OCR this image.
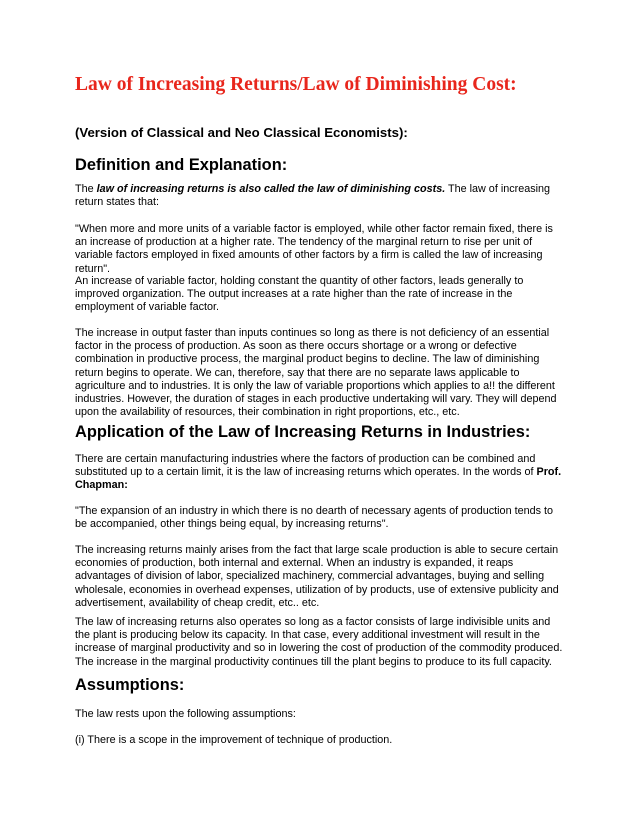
Law of Increasing Returns/Law of Diminishing Cost:
(Version of Classical and Neo Classical Economists):
Definition and Explanation:

The law of increasing returns is also called the law of diminishing costs. The law of increasing return states that:

"When more and more units of a variable factor is employed, while other factor remain fixed, there is an increase of production at a higher rate. The tendency of the marginal return to rise per unit of variable factors employed in fixed amounts of other factors by a firm is called the law of increasing return".

An increase of variable factor, holding constant the quantity of other factors, leads generally to improved organization. The output increases at a rate higher than the rate of increase in the employment of variable factor.

The increase in output faster than inputs continues so long as there is not deficiency of an essential factor in the process of production. As soon as there occurs shortage or a wrong or defective combination in productive process, the marginal product begins to decline. The law of diminishing return begins to operate. We can, therefore, say that there are no separate laws applicable to agriculture and to industries. It is only the law of variable proportions which applies to a!! the different industries. However, the duration of stages in each productive undertaking will vary. They will depend upon the availability of resources, their combination in right proportions, etc., etc.

Application of the Law of Increasing Returns in Industries:

There are certain manufacturing industries where the factors of production can be combined and substituted up to a certain limit, it is the law of increasing returns which operates. In the words of Prof. Chapman:

"The expansion of an industry in which there is no dearth of necessary agents of production tends to be accompanied, other things being equal, by increasing returns".

The increasing returns mainly arises from the fact that large scale production is able to secure certain economies of production, both internal and external. When an industry is expanded, it reaps advantages of division of labor, specialized machinery, commercial advantages, buying and selling wholesale, economies in overhead expenses, utilization of by products, use of extensive publicity and advertisement, availability of cheap credit, etc.. etc.

The law of increasing returns also operates so long as a factor consists of large indivisible units and the plant is producing below its capacity. In that case, every additional investment will result in the increase of marginal productivity and so in lowering the cost of production of the commodity produced. The increase in the marginal productivity continues till the plant begins to produce to its full capacity.

Assumptions:

The law rests upon the following assumptions:

(i) There is a scope in the improvement of technique of production.
